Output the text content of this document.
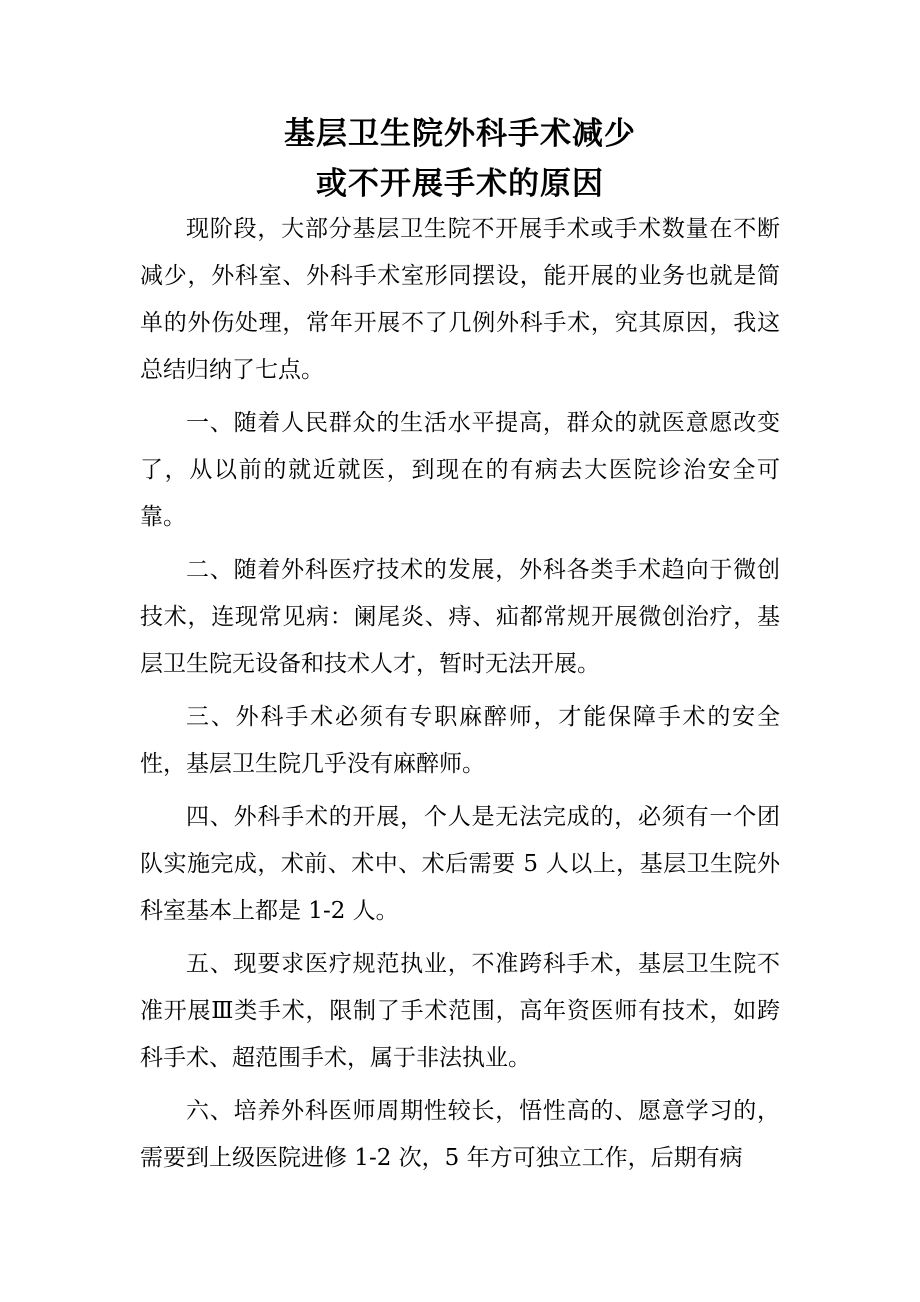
基层卫生院外科手术减少
或不开展手术的原因

现阶段，大部分基层卫生院不开展手术或手术数量在不断减少，外科室、外科手术室形同摆设，能开展的业务也就是简单的外伤处理，常年开展不了几例外科手术，究其原因，我这总结归纳了七点。

一、随着人民群众的生活水平提高，群众的就医意愿改变了，从以前的就近就医，到现在的有病去大医院诊治安全可靠。

二、随着外科医疗技术的发展，外科各类手术趋向于微创技术，连现常见病：阑尾炎、痔、疝都常规开展微创治疗，基层卫生院无设备和技术人才，暂时无法开展。

三、外科手术必须有专职麻醉师，才能保障手术的安全性，基层卫生院几乎没有麻醉师。

四、外科手术的开展，个人是无法完成的，必须有一个团队实施完成，术前、术中、术后需要 5 人以上，基层卫生院外科室基本上都是 1-2 人。

五、现要求医疗规范执业，不准跨科手术，基层卫生院不准开展Ⅲ类手术，限制了手术范围，高年资医师有技术，如跨科手术、超范围手术，属于非法执业。

六、培养外科医师周期性较长，悟性高的、愿意学习的，需要到上级医院进修 1-2 次，5 年方可独立工作，后期有病
